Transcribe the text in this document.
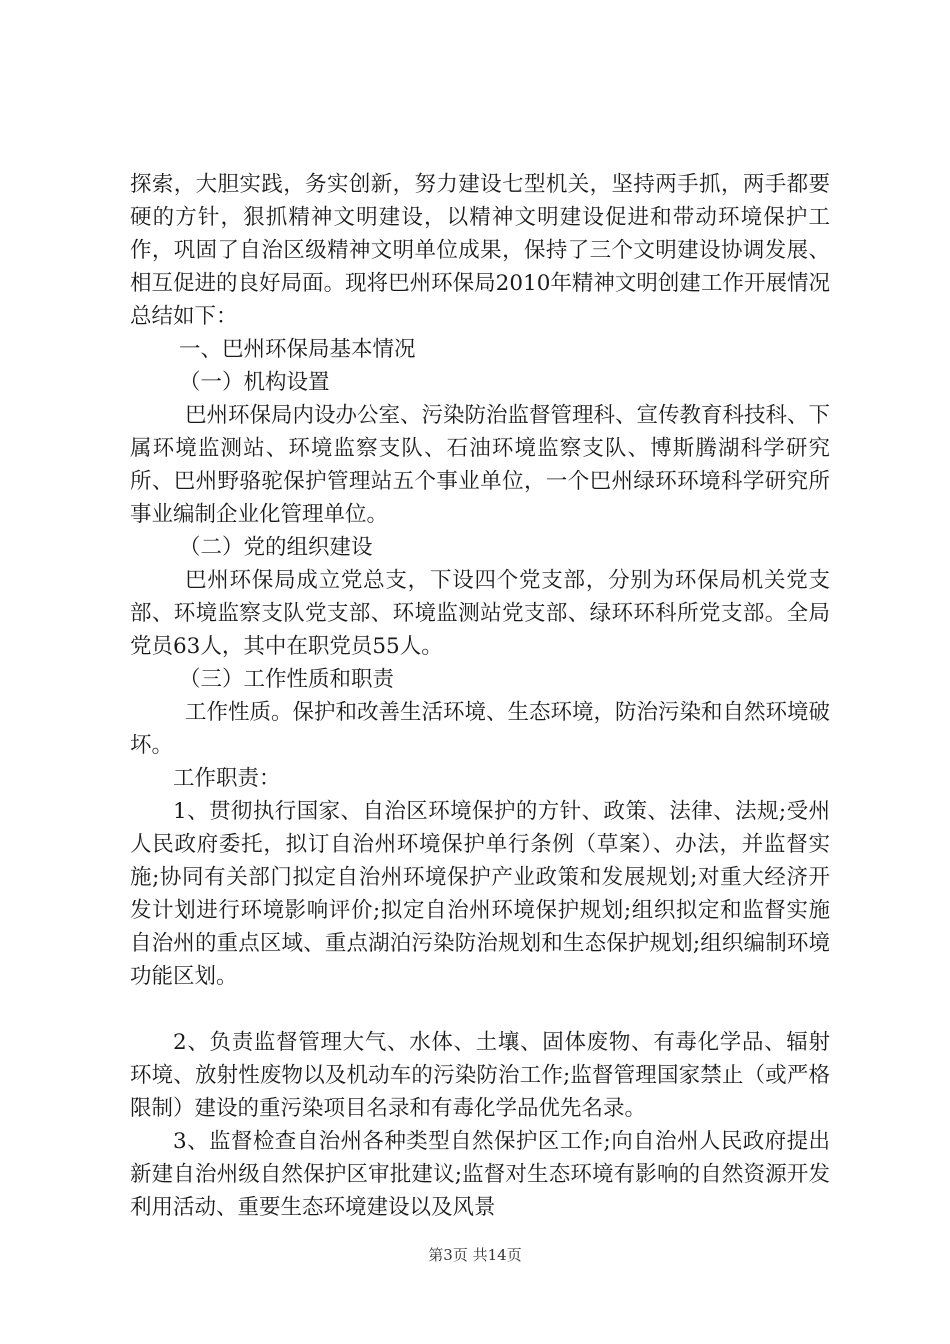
探索，大胆实践，务实创新，努力建设七型机关，坚持两手抓，两手都要硬的方针，狠抓精神文明建设，以精神文明建设促进和带动环境保护工作，巩固了自治区级精神文明单位成果，保持了三个文明建设协调发展、相互促进的良好局面。现将巴州环保局2010年精神文明创建工作开展情况总结如下：

一、巴州环保局基本情况

（一）机构设置

巴州环保局内设办公室、污染防治监督管理科、宣传教育科技科、下属环境监测站、环境监察支队、石油环境监察支队、博斯腾湖科学研究所、巴州野骆驼保护管理站五个事业单位，一个巴州绿环环境科学研究所事业编制企业化管理单位。

（二）党的组织建设

巴州环保局成立党总支，下设四个党支部，分别为环保局机关党支部、环境监察支队党支部、环境监测站党支部、绿环环科所党支部。全局党员63人，其中在职党员55人。

（三）工作性质和职责

工作性质。保护和改善生活环境、生态环境，防治污染和自然环境破坏。

工作职责：

1、贯彻执行国家、自治区环境保护的方针、政策、法律、法规;受州人民政府委托，拟订自治州环境保护单行条例（草案）、办法，并监督实施;协同有关部门拟定自治州环境保护产业政策和发展规划;对重大经济开发计划进行环境影响评价;拟定自治州环境保护规划;组织拟定和监督实施自治州的重点区域、重点湖泊污染防治规划和生态保护规划;组织编制环境功能区划。

2、负责监督管理大气、水体、土壤、固体废物、有毒化学品、辐射环境、放射性废物以及机动车的污染防治工作;监督管理国家禁止（或严格限制）建设的重污染项目名录和有毒化学品优先名录。

3、监督检查自治州各种类型自然保护区工作;向自治州人民政府提出新建自治州级自然保护区审批建议;监督对生态环境有影响的自然资源开发利用活动、重要生态环境建设以及风景

第3页 共14页
